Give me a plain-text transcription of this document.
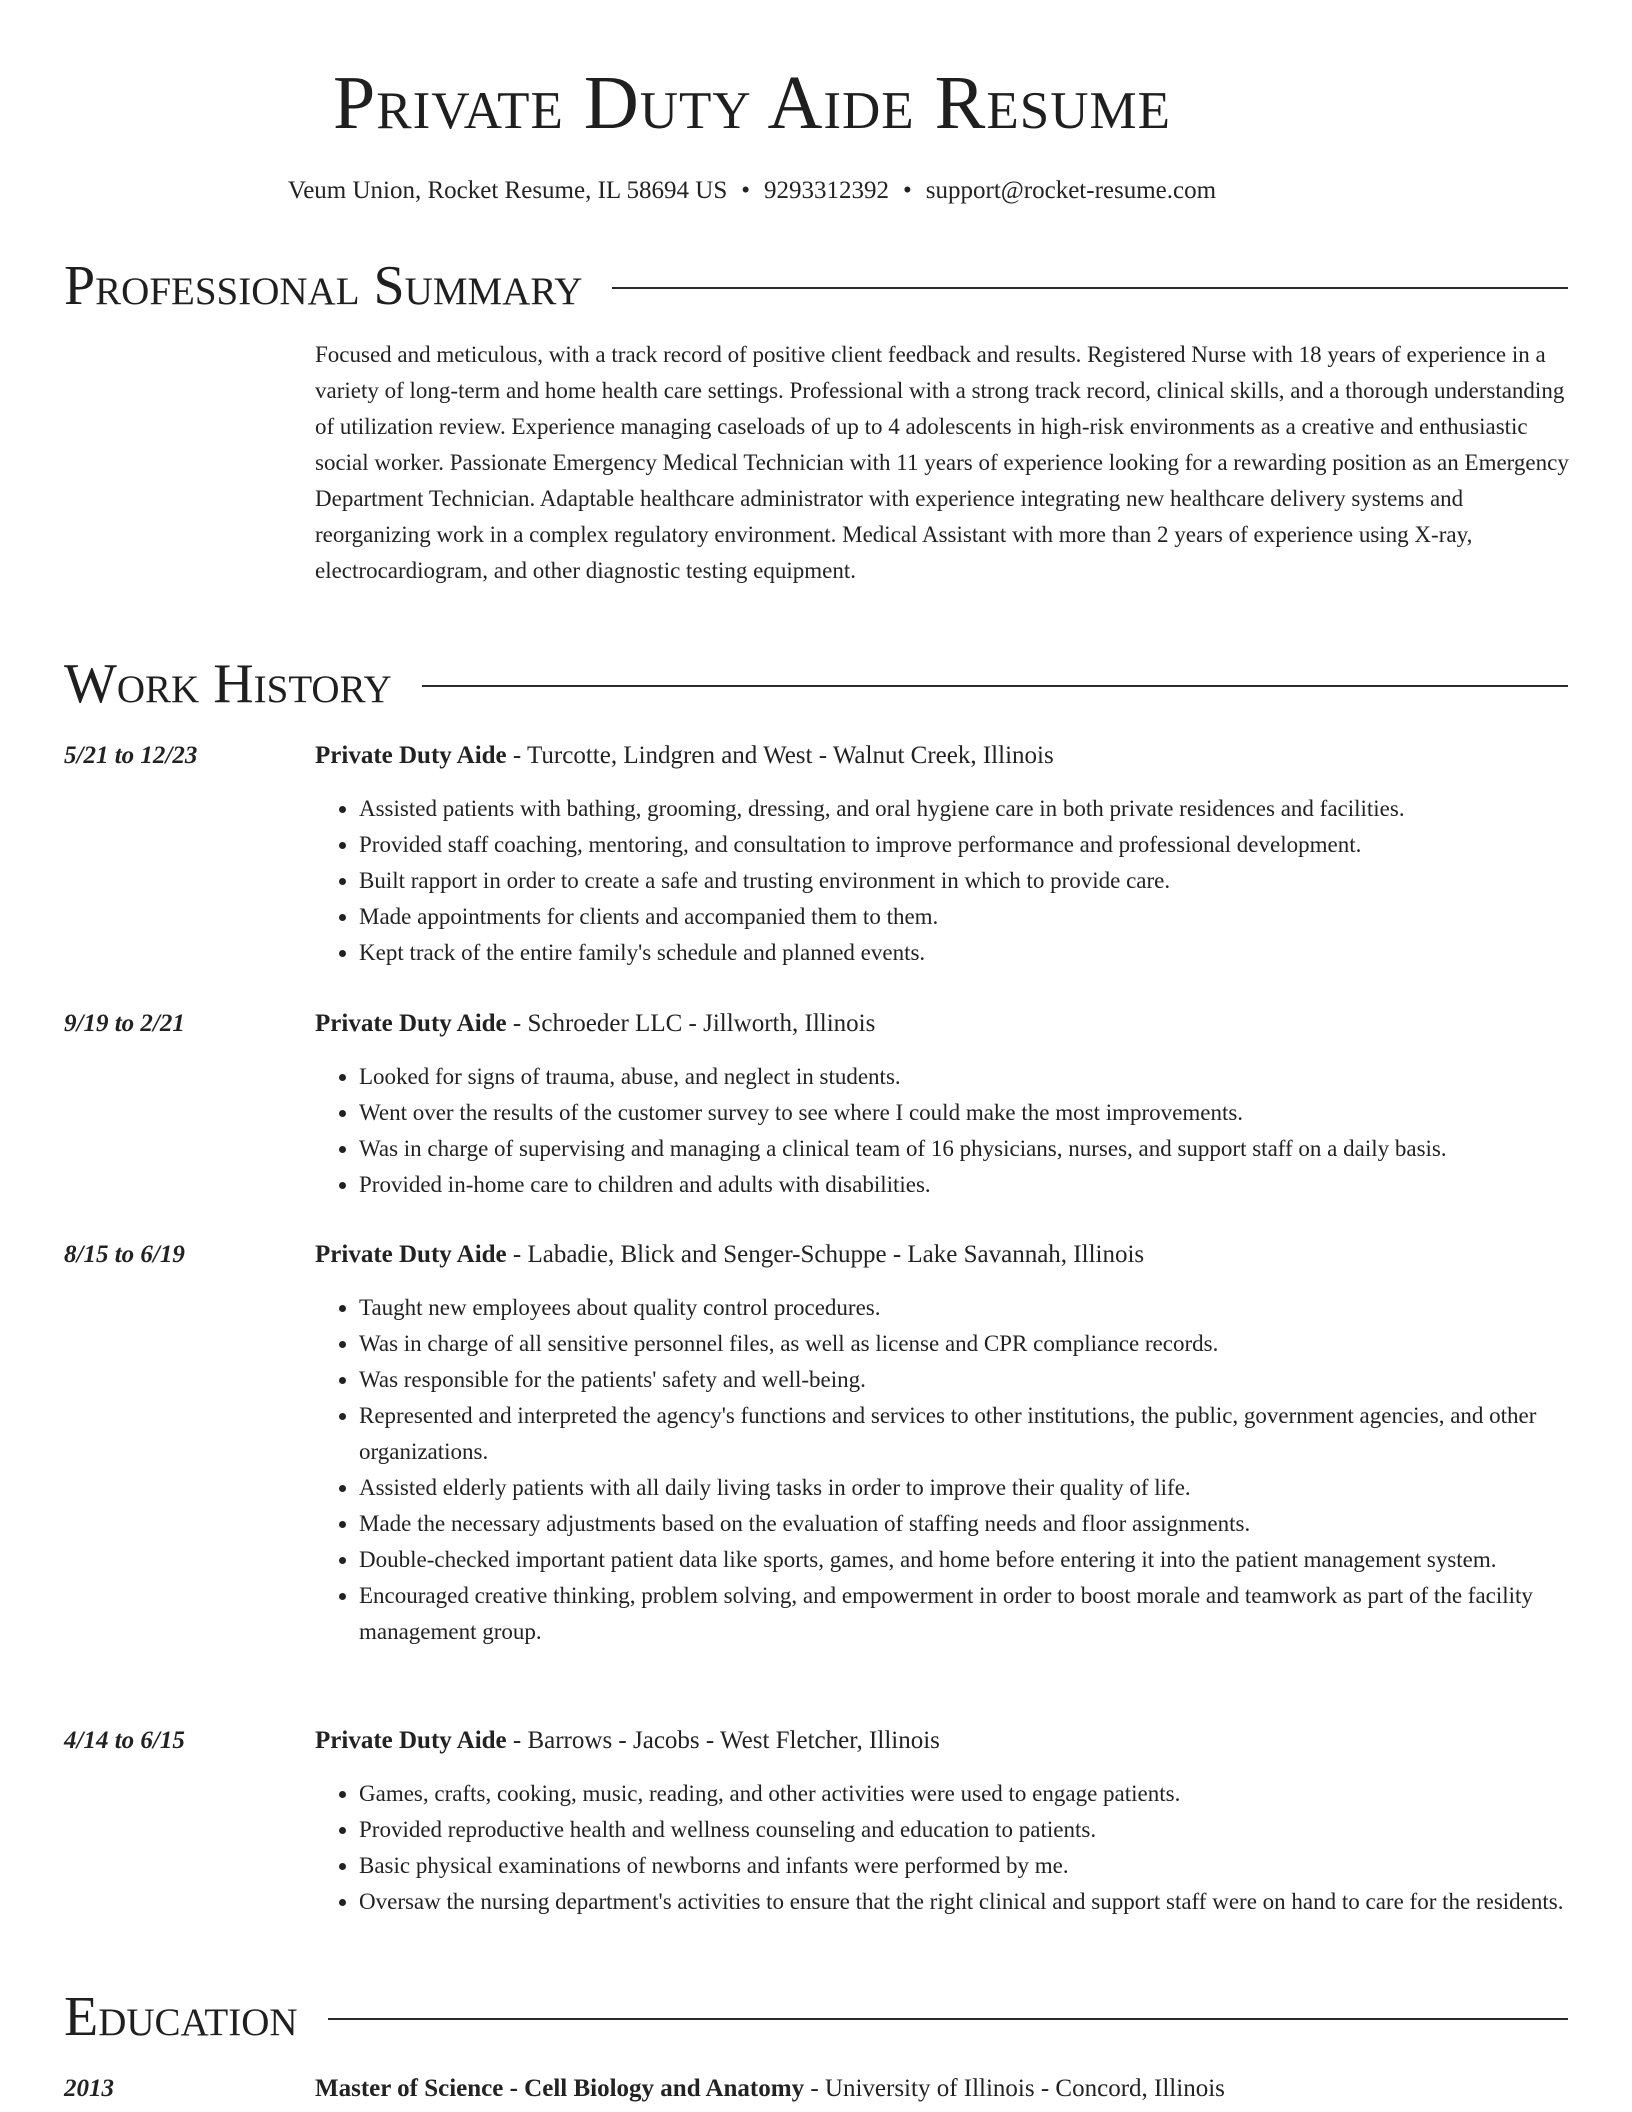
Private Duty Aide Resume
Veum Union, Rocket Resume, IL 58694 US • 9293312392 • support@rocket-resume.com
Professional Summary
Focused and meticulous, with a track record of positive client feedback and results. Registered Nurse with 18 years of experience in a variety of long-term and home health care settings. Professional with a strong track record, clinical skills, and a thorough understanding of utilization review. Experience managing caseloads of up to 4 adolescents in high-risk environments as a creative and enthusiastic social worker. Passionate Emergency Medical Technician with 11 years of experience looking for a rewarding position as an Emergency Department Technician. Adaptable healthcare administrator with experience integrating new healthcare delivery systems and reorganizing work in a complex regulatory environment. Medical Assistant with more than 2 years of experience using X-ray, electrocardiogram, and other diagnostic testing equipment.
Work History
5/21 to 12/23	Private Duty Aide - Turcotte, Lindgren and West - Walnut Creek, Illinois
• Assisted patients with bathing, grooming, dressing, and oral hygiene care in both private residences and facilities.
• Provided staff coaching, mentoring, and consultation to improve performance and professional development.
• Built rapport in order to create a safe and trusting environment in which to provide care.
• Made appointments for clients and accompanied them to them.
• Kept track of the entire family's schedule and planned events.
9/19 to 2/21	Private Duty Aide - Schroeder LLC - Jillworth, Illinois
• Looked for signs of trauma, abuse, and neglect in students.
• Went over the results of the customer survey to see where I could make the most improvements.
• Was in charge of supervising and managing a clinical team of 16 physicians, nurses, and support staff on a daily basis.
• Provided in-home care to children and adults with disabilities.
8/15 to 6/19	Private Duty Aide - Labadie, Blick and Senger-Schuppe - Lake Savannah, Illinois
• Taught new employees about quality control procedures.
• Was in charge of all sensitive personnel files, as well as license and CPR compliance records.
• Was responsible for the patients' safety and well-being.
• Represented and interpreted the agency's functions and services to other institutions, the public, government agencies, and other organizations.
• Assisted elderly patients with all daily living tasks in order to improve their quality of life.
• Made the necessary adjustments based on the evaluation of staffing needs and floor assignments.
• Double-checked important patient data like sports, games, and home before entering it into the patient management system.
• Encouraged creative thinking, problem solving, and empowerment in order to boost morale and teamwork as part of the facility management group.
4/14 to 6/15	Private Duty Aide - Barrows - Jacobs - West Fletcher, Illinois
• Games, crafts, cooking, music, reading, and other activities were used to engage patients.
• Provided reproductive health and wellness counseling and education to patients.
• Basic physical examinations of newborns and infants were performed by me.
• Oversaw the nursing department's activities to ensure that the right clinical and support staff were on hand to care for the residents.
Education
2013	Master of Science - Cell Biology and Anatomy - University of Illinois - Concord, Illinois
